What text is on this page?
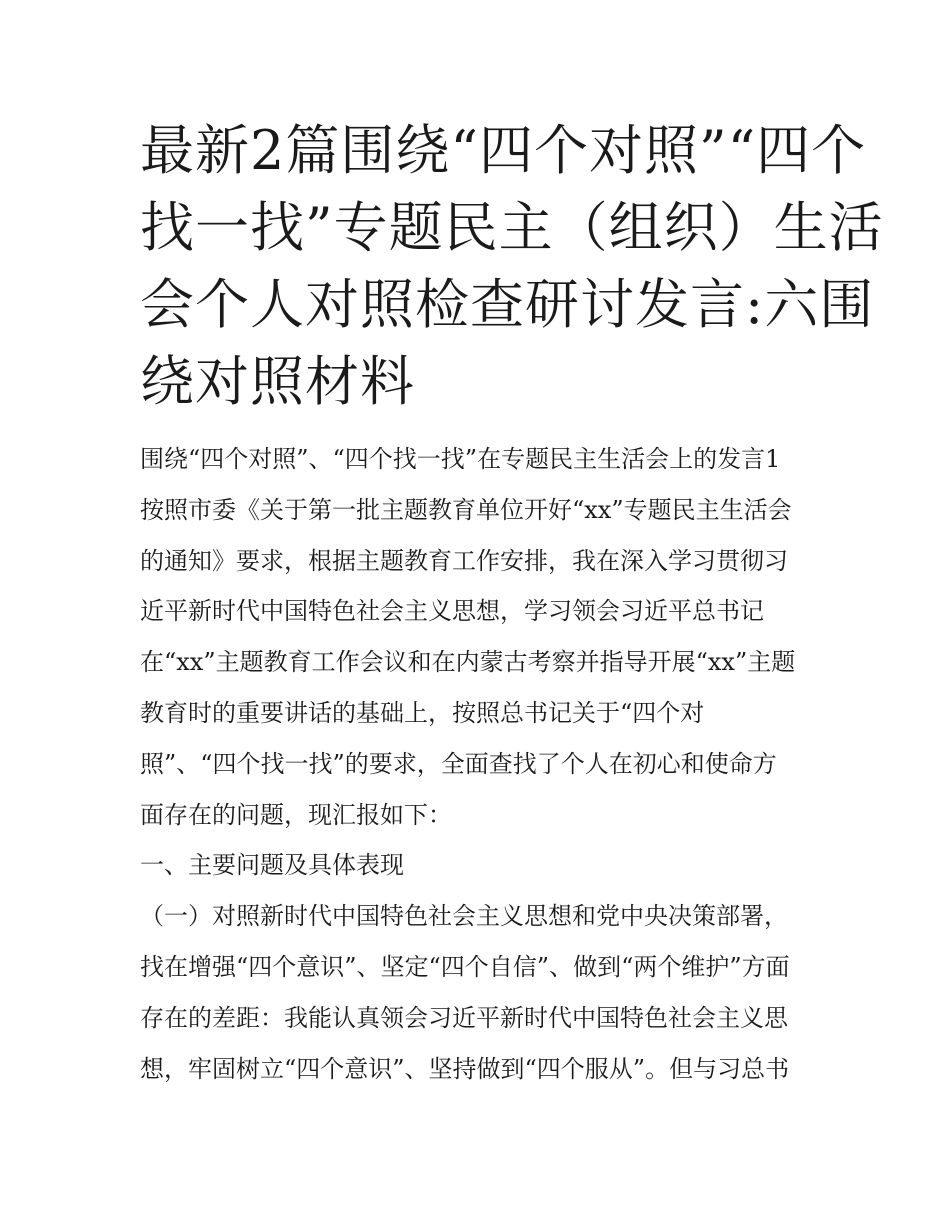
最新2篇围绕“四个对照”“四个
找一找”专题民主（组织）生活
会个人对照检查研讨发言:六围
绕对照材料
围绕“四个对照”、“四个找一找”在专题民主生活会上的发言1
按照市委《关于第一批主题教育单位开好“xx”专题民主生活会
的通知》要求，根据主题教育工作安排，我在深入学习贯彻习
近平新时代中国特色社会主义思想，学习领会习近平总书记
在“xx”主题教育工作会议和在内蒙古考察并指导开展“xx”主题
教育时的重要讲话的基础上，按照总书记关于“四个对
照”、“四个找一找”的要求，全面查找了个人在初心和使命方
面存在的问题，现汇报如下：
一、主要问题及具体表现
（一）对照新时代中国特色社会主义思想和党中央决策部署，
找在增强“四个意识”、坚定“四个自信”、做到“两个维护”方面
存在的差距：我能认真领会习近平新时代中国特色社会主义思
想，牢固树立“四个意识”、坚持做到“四个服从”。但与习总书
